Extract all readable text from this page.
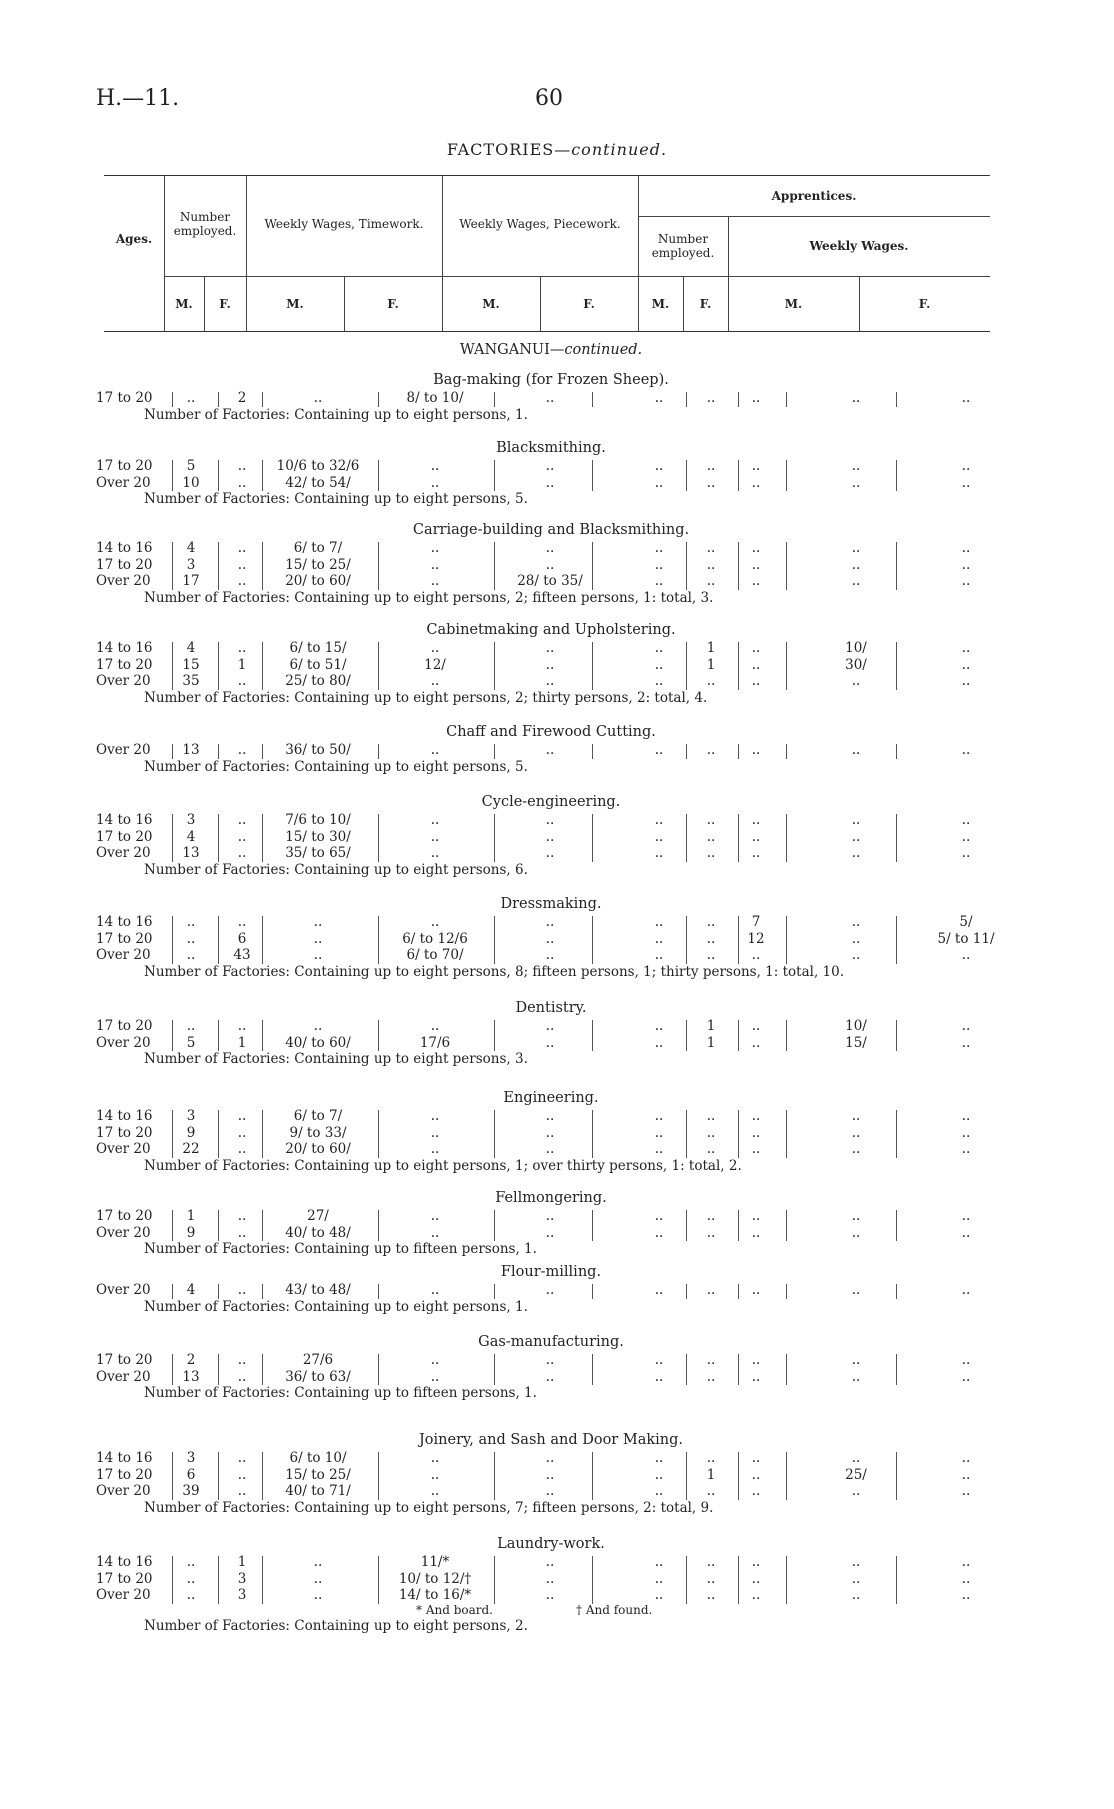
H.—11.	60
FACTORIES—continued.
Ages.
Number employed.	Weekly Wages, Timework.	Weekly Wages, Piecework.
Apprentices.
Number employed.	Weekly Wages.
M.	F.	M.	F.	M.	F.	M.	F.	M.	F.
WANGANUI—continued.
Bag-making (for Frozen Sheep).
17 to 20	..	2	..	8/ to 10/	..	..	..	..	..	..
Number of Factories: Containing up to eight persons, 1.
Blacksmithing.
17 to 20	5	..	10/6 to 32/6	..	..	..	..	..	..	..
Over 20	10	..	42/ to 54/	..	..	..	..	..	..	..
Number of Factories: Containing up to eight persons, 5.
Carriage-building and Blacksmithing.
14 to 16	4	..	6/ to 7/	..	..	..	..	..	..	..
17 to 20	3	..	15/ to 25/	..	..	..	..	..	..	..
Over 20	17	..	20/ to 60/	..	28/ to 35/	..	..	..	..	..
Number of Factories: Containing up to eight persons, 2; fifteen persons, 1: total, 3.
Cabinetmaking and Upholstering.
14 to 16	4	..	6/ to 15/	..	..	..	1	..	10/	..
17 to 20	15	1	6/ to 51/	12/	..	..	1	..	30/	..
Over 20	35	..	25/ to 80/	..	..	..	..	..	..	..
Number of Factories: Containing up to eight persons, 2; thirty persons, 2: total, 4.
Chaff and Firewood Cutting.
Over 20	13	..	36/ to 50/	..	..	..	..	..	..	..
Number of Factories: Containing up to eight persons, 5.
Cycle-engineering.
14 to 16	3	..	7/6 to 10/	..	..	..	..	..	..	..
17 to 20	4	..	15/ to 30/	..	..	..	..	..	..	..
Over 20	13	..	35/ to 65/	..	..	..	..	..	..	..
Number of Factories: Containing up to eight persons, 6.
Dressmaking.
14 to 16	..	..	..	..	..	..	..	7	..	5/
17 to 20	..	6	..	6/ to 12/6	..	..	..	12	..	5/ to 11/
Over 20	..	43	..	6/ to 70/	..	..	..	..	..	..
Number of Factories: Containing up to eight persons, 8; fifteen persons, 1; thirty persons, 1: total, 10.
Dentistry.
17 to 20	..	..	..	..	..	..	1	..	10/	..
Over 20	5	1	40/ to 60/	17/6	..	..	1	..	15/	..
Number of Factories: Containing up to eight persons, 3.
Engineering.
14 to 16	3	..	6/ to 7/	..	..	..	..	..	..	..
17 to 20	9	..	9/ to 33/	..	..	..	..	..	..	..
Over 20	22	..	20/ to 60/	..	..	..	..	..	..	..
Number of Factories: Containing up to eight persons, 1; over thirty persons, 1: total, 2.
Fellmongering.
17 to 20	1	..	27/	..	..	..	..	..	..	..
Over 20	9	..	40/ to 48/	..	..	..	..	..	..	..
Number of Factories: Containing up to fifteen persons, 1.
Flour-milling.
Over 20	4	..	43/ to 48/	..	..	..	..	..	..	..
Number of Factories: Containing up to eight persons, 1.
Gas-manufacturing.
17 to 20	2	..	27/6	..	..	..	..	..	..	..
Over 20	13	..	36/ to 63/	..	..	..	..	..	..	..
Number of Factories: Containing up to fifteen persons, 1.
Joinery, and Sash and Door Making.
14 to 16	3	..	6/ to 10/	..	..	..	..	..	..	..
17 to 20	6	..	15/ to 25/	..	..	..	1	..	25/	..
Over 20	39	..	40/ to 71/	..	..	..	..	..	..	..
Number of Factories: Containing up to eight persons, 7; fifteen persons, 2: total, 9.
Laundry-work.
14 to 16	..	1	..	11/*	..	..	..	..	..	..
17 to 20	..	3	..	10/ to 12/†	..	..	..	..	..	..
Over 20	..	3	..	14/ to 16/*	..	..	..	..	..	..
* And board.	† And found.
Number of Factories: Containing up to eight persons, 2.
